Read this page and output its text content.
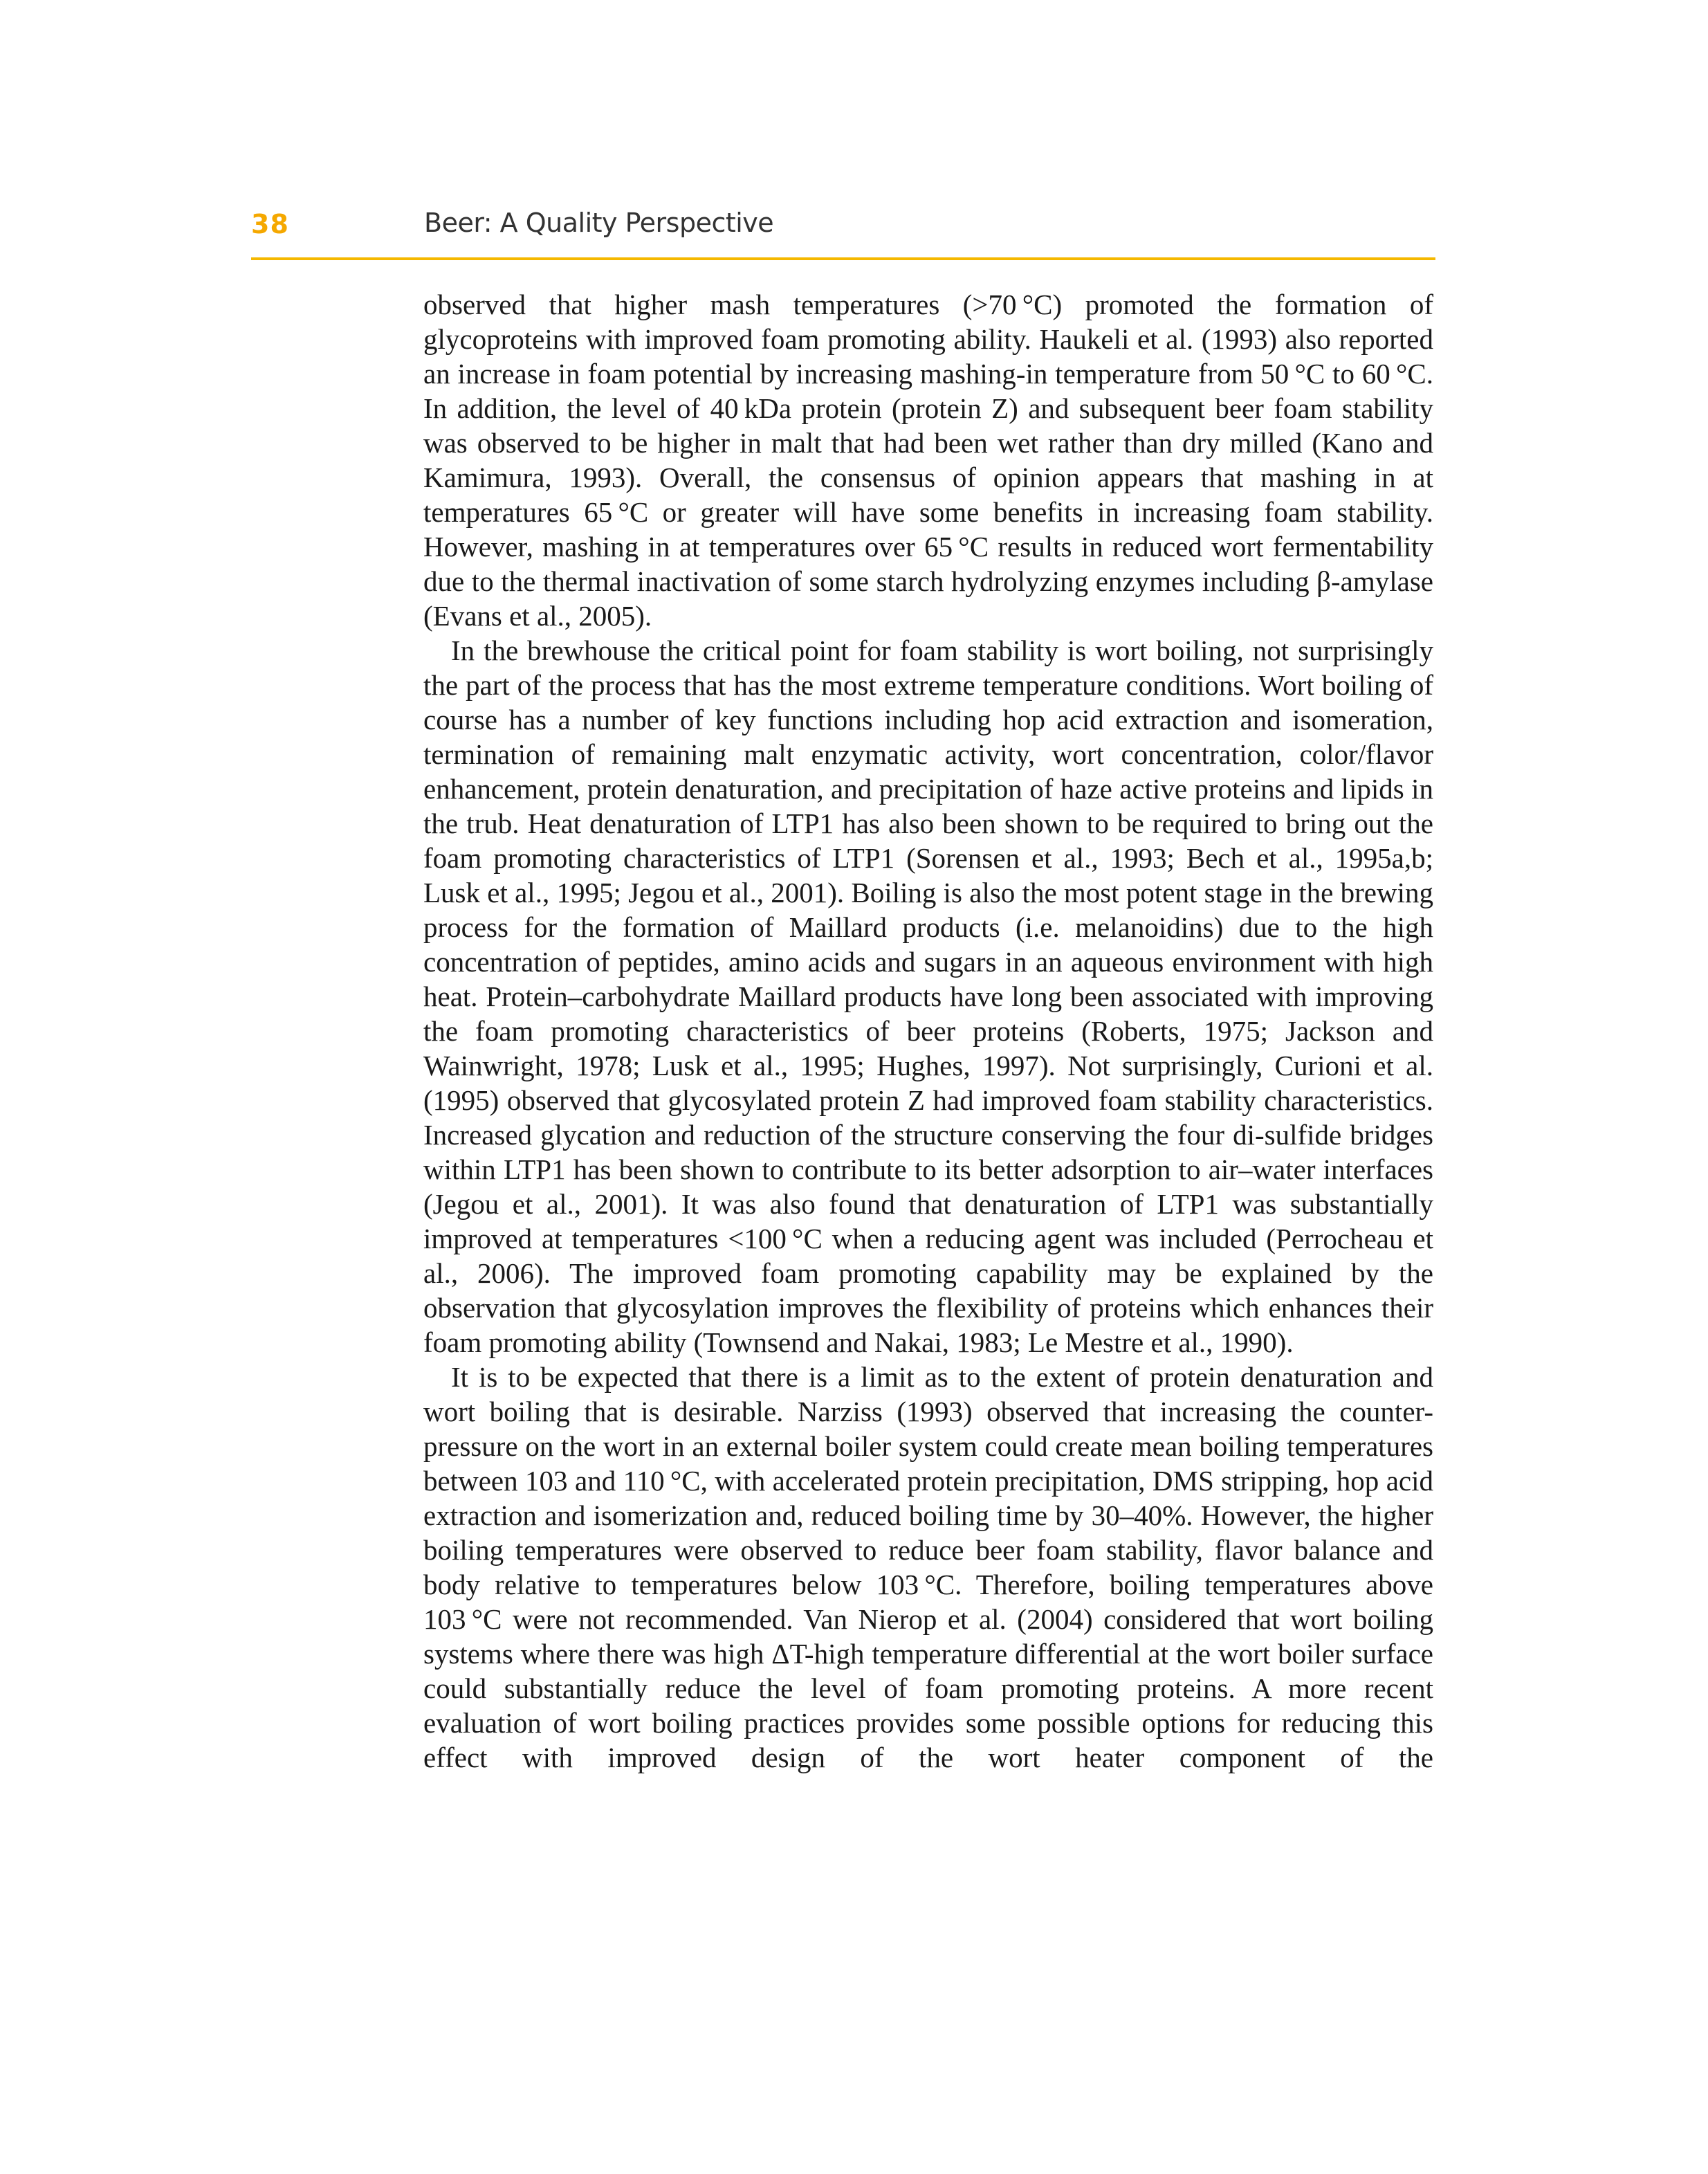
38	Beer: A Quality Perspective

observed that higher mash temperatures (>70 °C) promoted the formation of glycoproteins with improved foam promoting ability. Haukeli et al. (1993) also reported an increase in foam potential by increasing mashing-in temperature from 50 °C to 60 °C. In addition, the level of 40 kDa protein (protein Z) and subsequent beer foam stability was observed to be higher in malt that had been wet rather than dry milled (Kano and Kamimura, 1993). Overall, the consensus of opinion appears that mashing in at temperatures 65 °C or greater will have some benefits in increasing foam stability. However, mashing in at temperatures over 65 °C results in reduced wort fermentability due to the thermal inactivation of some starch hydrolyzing enzymes including β-amylase (Evans et al., 2005).

In the brewhouse the critical point for foam stability is wort boiling, not surprisingly the part of the process that has the most extreme temperature conditions. Wort boiling of course has a number of key functions including hop acid extraction and isomeration, termination of remaining malt enzymatic activity, wort concentration, color/flavor enhancement, protein denaturation, and precipitation of haze active proteins and lipids in the trub. Heat denaturation of LTP1 has also been shown to be required to bring out the foam promoting characteristics of LTP1 (Sorensen et al., 1993; Bech et al., 1995a,b; Lusk et al., 1995; Jegou et al., 2001). Boiling is also the most potent stage in the brewing process for the formation of Maillard products (i.e. melanoidins) due to the high concentration of peptides, amino acids and sugars in an aqueous environment with high heat. Protein–carbohydrate Maillard products have long been associated with improving the foam promoting characteristics of beer proteins (Roberts, 1975; Jackson and Wainwright, 1978; Lusk et al., 1995; Hughes, 1997). Not surprisingly, Curioni et al. (1995) observed that glycosylated protein Z had improved foam stability characteristics. Increased glycation and reduction of the structure conserving the four di-sulfide bridges within LTP1 has been shown to contribute to its better adsorption to air–water interfaces (Jegou et al., 2001). It was also found that denaturation of LTP1 was substantially improved at temperatures <100 °C when a reducing agent was included (Perrocheau et al., 2006). The improved foam promoting capability may be explained by the observation that glycosylation improves the flexibility of proteins which enhances their foam promoting ability (Townsend and Nakai, 1983; Le Mestre et al., 1990).

It is to be expected that there is a limit as to the extent of protein denaturation and wort boiling that is desirable. Narziss (1993) observed that increasing the counter-pressure on the wort in an external boiler system could create mean boiling temperatures between 103 and 110 °C, with accelerated protein precipitation, DMS stripping, hop acid extraction and isomerization and, reduced boiling time by 30–40%. However, the higher boiling temperatures were observed to reduce beer foam stability, flavor balance and body relative to temperatures below 103 °C. Therefore, boiling temperatures above 103 °C were not recommended. Van Nierop et al. (2004) considered that wort boiling systems where there was high ΔT-high temperature differential at the wort boiler surface could substantially reduce the level of foam promoting proteins. A more recent evaluation of wort boiling practices provides some possible options for reducing this effect with improved design of the wort heater component of the
